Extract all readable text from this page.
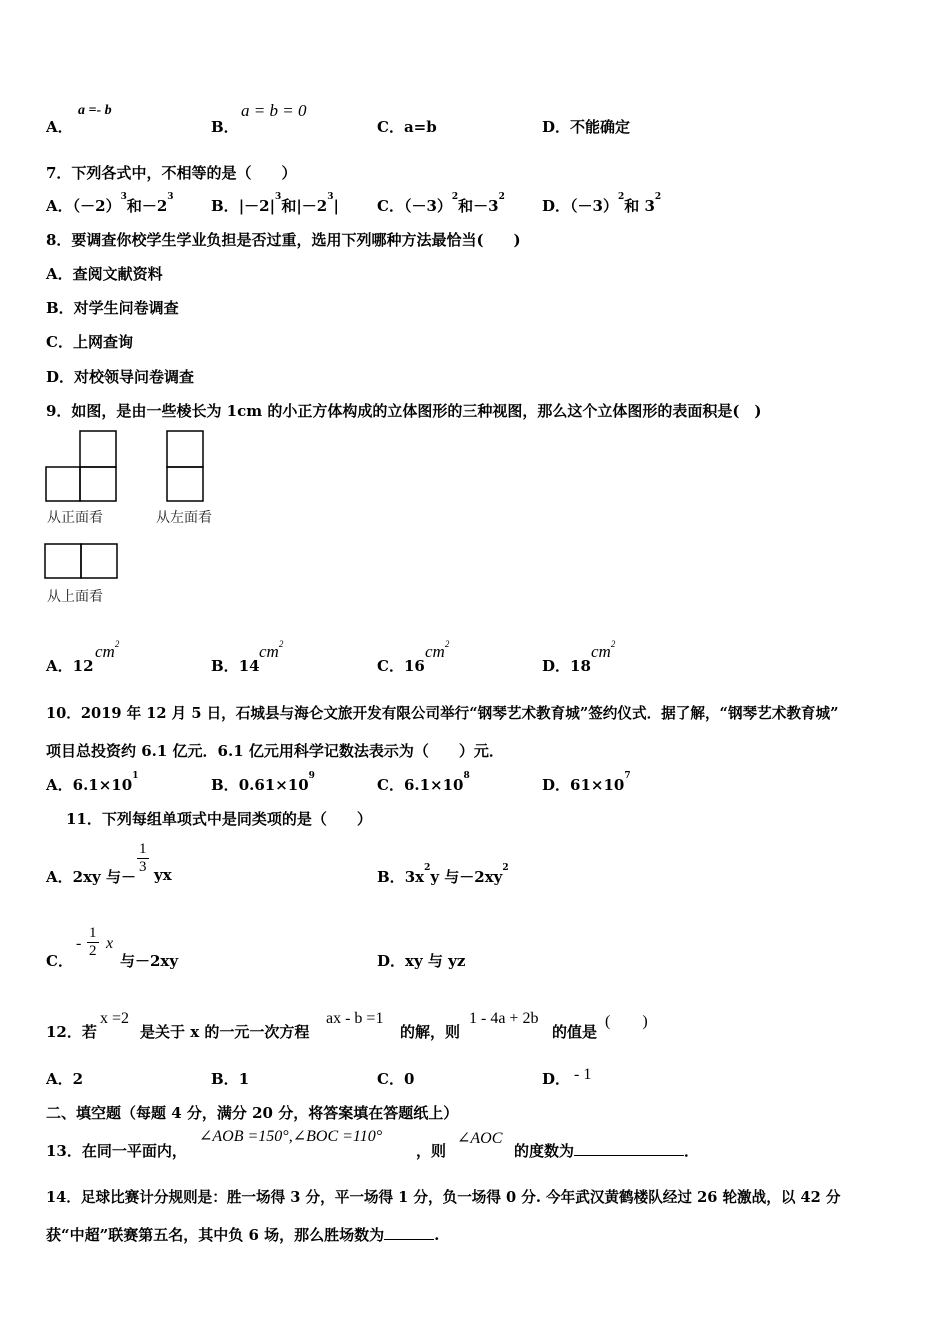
A．
a =- b
B．
a = b = 0
C．a=b	D．不能确定
7．下列各式中，不相等的是（　　）
A．$(-2)^3$和$-2^3$ B．$|-2|^3$和$|-2^3|$	C．$(-3)^2$和$-3^2$ D．$(-3)^2$和 $3^2$
8．要调查你校学生学业负担是否过重，选用下列哪种方法最恰当(　　)
A．查阅文献资料
B．对学生问卷调查
C．上网查询
D．对校领导问卷调查
9．如图，是由一些棱长为 1cm 的小正方体构成的立体图形的三种视图，那么这个立体图形的表面积是(　)
从正面看	从左面看
从上面看
A．12
$cm^2$
B．14
$cm^2$
C．16
$cm^2$
D．18
$cm^2$
10．2019 年 12 月 5 日，石城县与海仑文旅开发有限公司举行“钢琴艺术教育城”签约仪式．据了解，“钢琴艺术教育城”
项目总投资约 6.1 亿元．6.1 亿元用科学记数法表示为（　　）元．
A．$6.1\times 10^1$	B．$0.61\times 10^9$	C．$6.1\times 10^8$	D．$61\times 10^7$
11．下列每组单项式中是同类项的是（　　）
A．2xy 与－
$\frac{1}{3}$ yx	B．$3x^2y$ 与$-2xy^2$
C．
- $\frac{1}{2}$ x
与－2xy	D．xy 与 yz
12．若
x =2
是关于 x 的一元一次方程
ax - b =1
的解，则
1 - 4a + 2b
的值是
(　　)
A．2	B．1	C．0	D． - 1
二、填空题（每题 4 分，满分 20 分，将答案填在答题纸上）
13．在同一平面内，
∠AOB =150°,∠BOC =110°
，则
∠AOC
的度数为	．
14．足球比赛计分规则是：胜一场得 3 分，平一场得 1 分，负一场得 0 分. 今年武汉黄鹤楼队经过 26 轮激战，以 42 分
获“中超”联赛第五名，其中负 6 场，那么胜场数为	.
